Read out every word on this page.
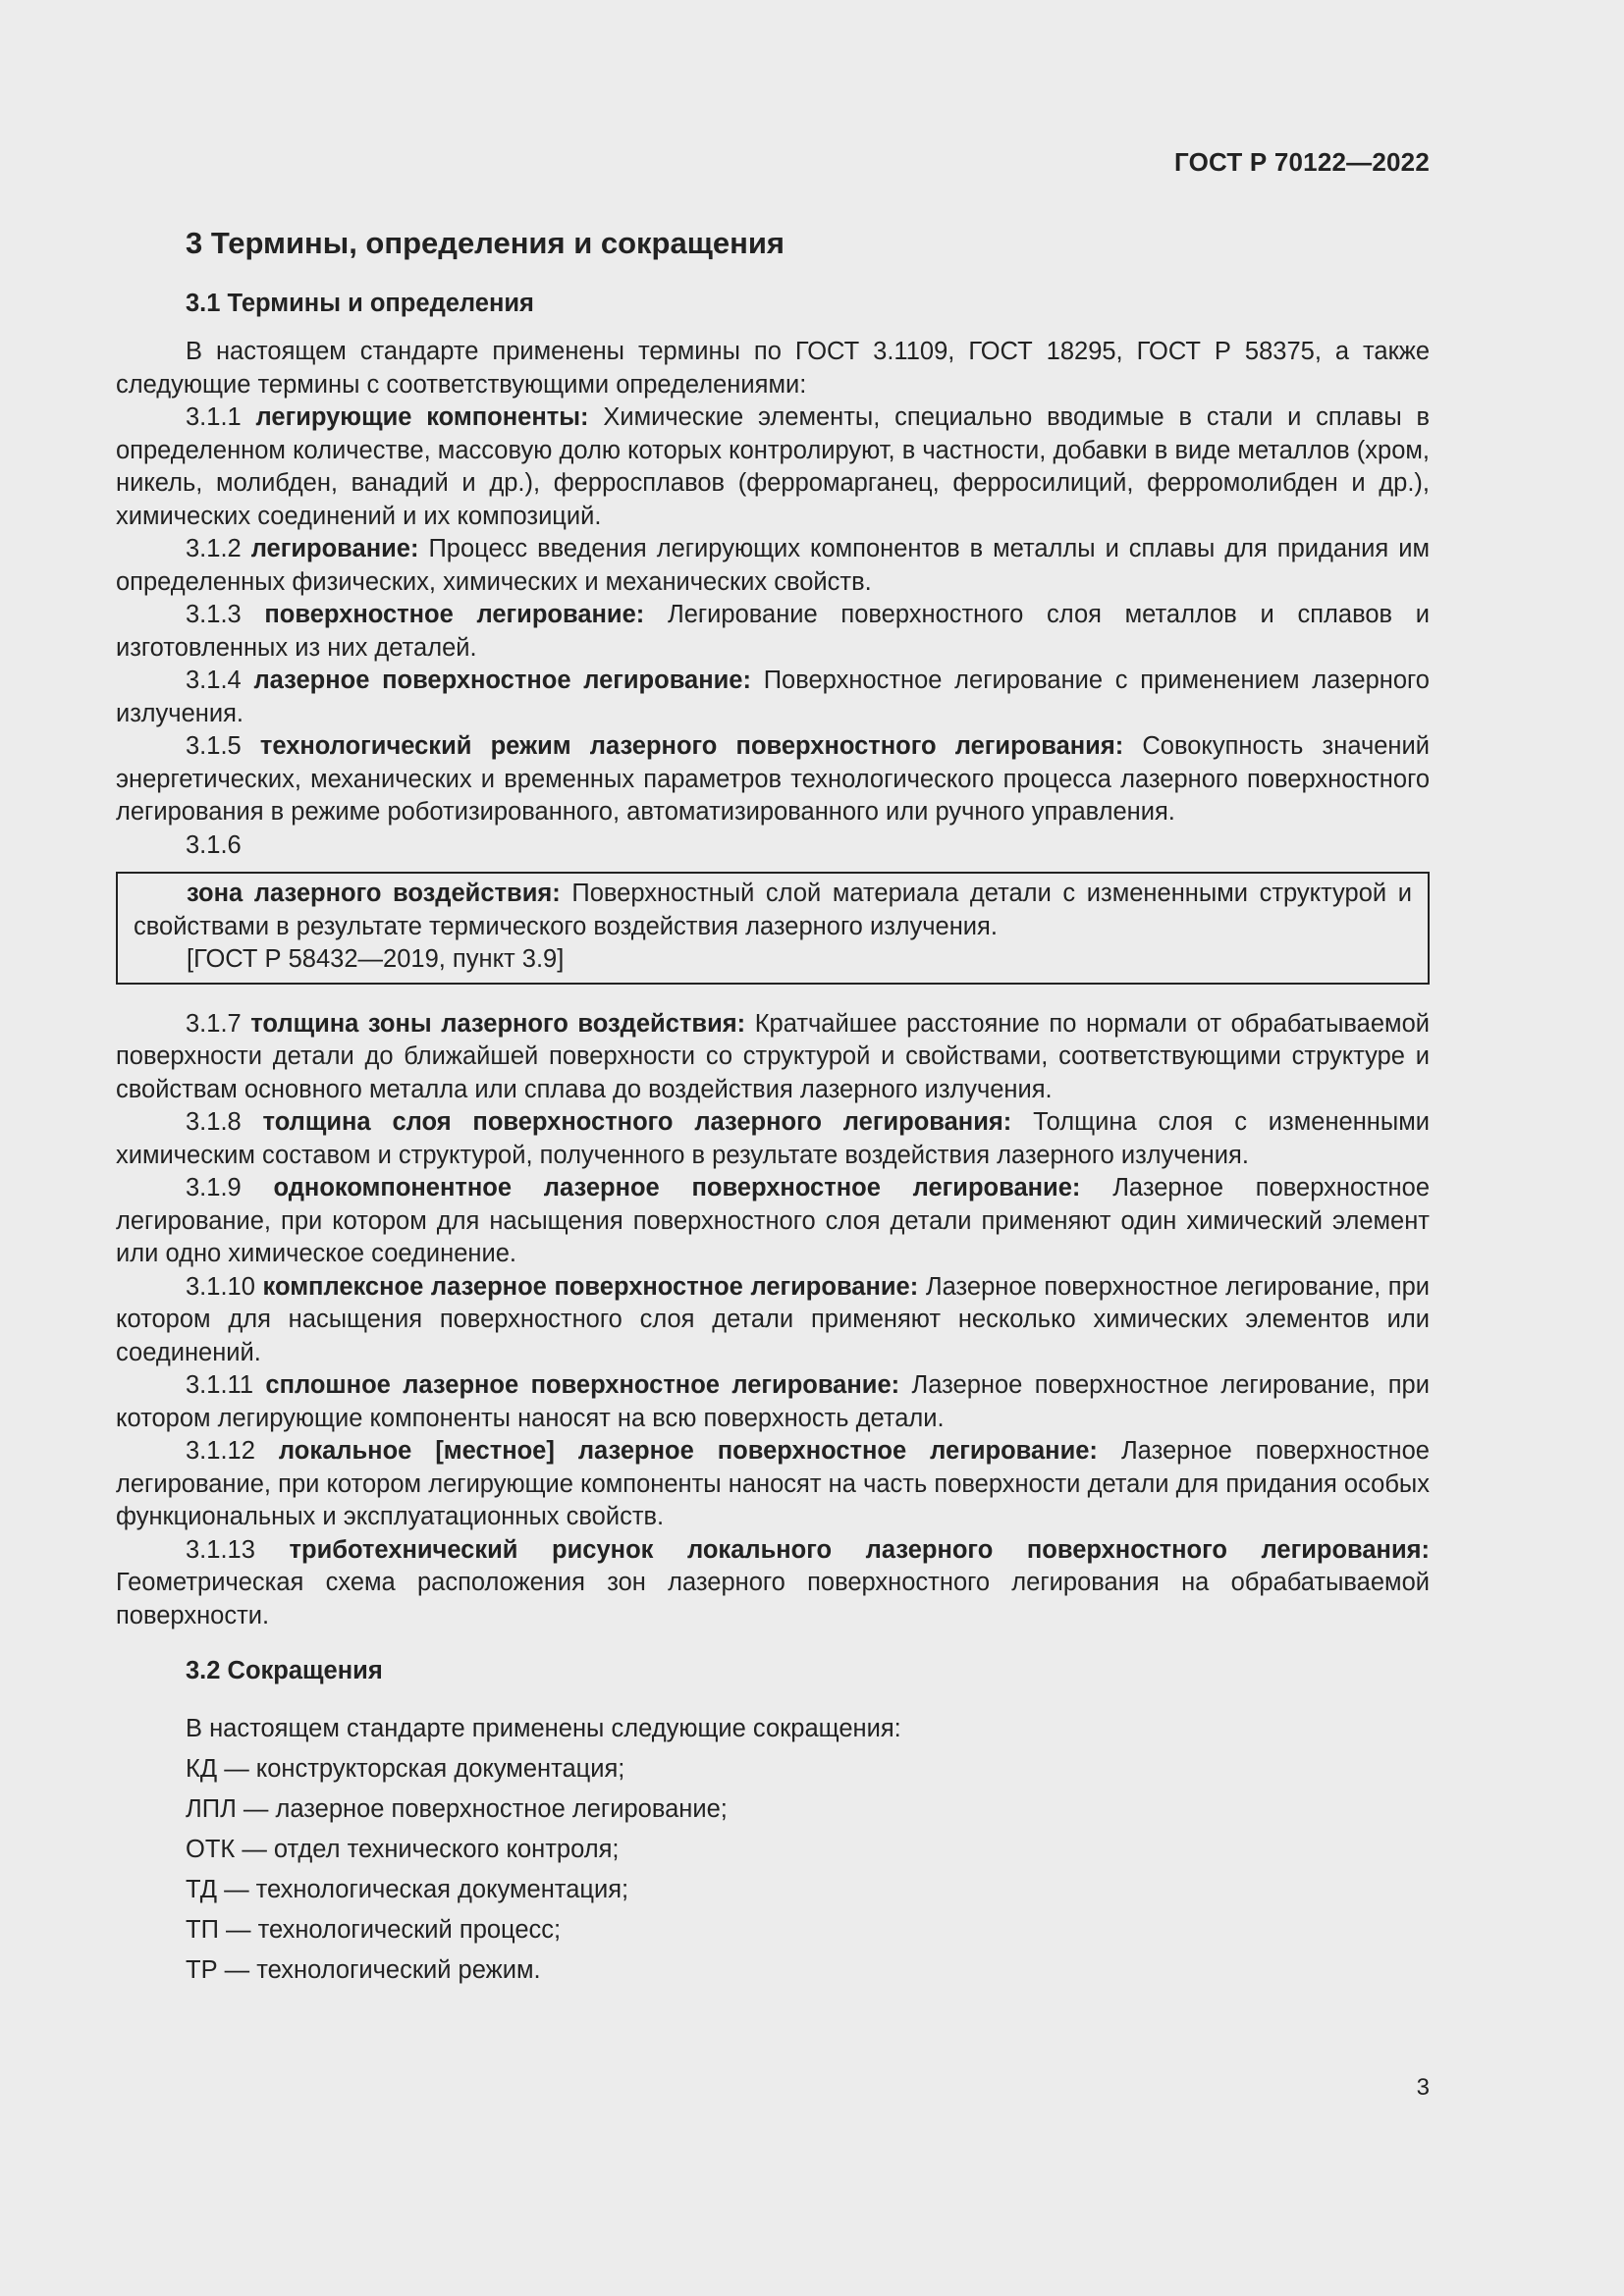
ГОСТ Р 70122—2022
3 Термины, определения и сокращения
3.1 Термины и определения

В настоящем стандарте применены термины по ГОСТ 3.1109, ГОСТ 18295, ГОСТ Р 58375, а также следующие термины с соответствующими определениями:

3.1.1 легирующие компоненты: Химические элементы, специально вводимые в стали и сплавы в определенном количестве, массовую долю которых контролируют, в частности, добавки в виде металлов (хром, никель, молибден, ванадий и др.), ферросплавов (ферромарганец, ферросилиций, ферромолибден и др.), химических соединений и их композиций.

3.1.2 легирование: Процесс введения легирующих компонентов в металлы и сплавы для придания им определенных физических, химических и механических свойств.

3.1.3 поверхностное легирование: Легирование поверхностного слоя металлов и сплавов и изготовленных из них деталей.

3.1.4 лазерное поверхностное легирование: Поверхностное легирование с применением лазерного излучения.

3.1.5 технологический режим лазерного поверхностного легирования: Совокупность значений энергетических, механических и временных параметров технологического процесса лазерного поверхностного легирования в режиме роботизированного, автоматизированного или ручного управления.

3.1.6

зона лазерного воздействия: Поверхностный слой материала детали с измененными структурой и свойствами в результате термического воздействия лазерного излучения.

[ГОСТ Р 58432—2019, пункт 3.9]

3.1.7 толщина зоны лазерного воздействия: Кратчайшее расстояние по нормали от обрабатываемой поверхности детали до ближайшей поверхности со структурой и свойствами, соответствующими структуре и свойствам основного металла или сплава до воздействия лазерного излучения.

3.1.8 толщина слоя поверхностного лазерного легирования: Толщина слоя с измененными химическим составом и структурой, полученного в результате воздействия лазерного излучения.

3.1.9 однокомпонентное лазерное поверхностное легирование: Лазерное поверхностное легирование, при котором для насыщения поверхностного слоя детали применяют один химический элемент или одно химическое соединение.

3.1.10 комплексное лазерное поверхностное легирование: Лазерное поверхностное легирование, при котором для насыщения поверхностного слоя детали применяют несколько химических элементов или соединений.

3.1.11 сплошное лазерное поверхностное легирование: Лазерное поверхностное легирование, при котором легирующие компоненты наносят на всю поверхность детали.

3.1.12 локальное [местное] лазерное поверхностное легирование: Лазерное поверхностное легирование, при котором легирующие компоненты наносят на часть поверхности детали для придания особых функциональных и эксплуатационных свойств.

3.1.13 триботехнический рисунок локального лазерного поверхностного легирования: Геометрическая схема расположения зон лазерного поверхностного легирования на обрабатываемой поверхности.

3.2 Сокращения
В настоящем стандарте применены следующие сокращения:
КД — конструкторская документация;
ЛПЛ — лазерное поверхностное легирование;
ОТК — отдел технического контроля;
ТД — технологическая документация;
ТП — технологический процесс;
ТР — технологический режим.
3
